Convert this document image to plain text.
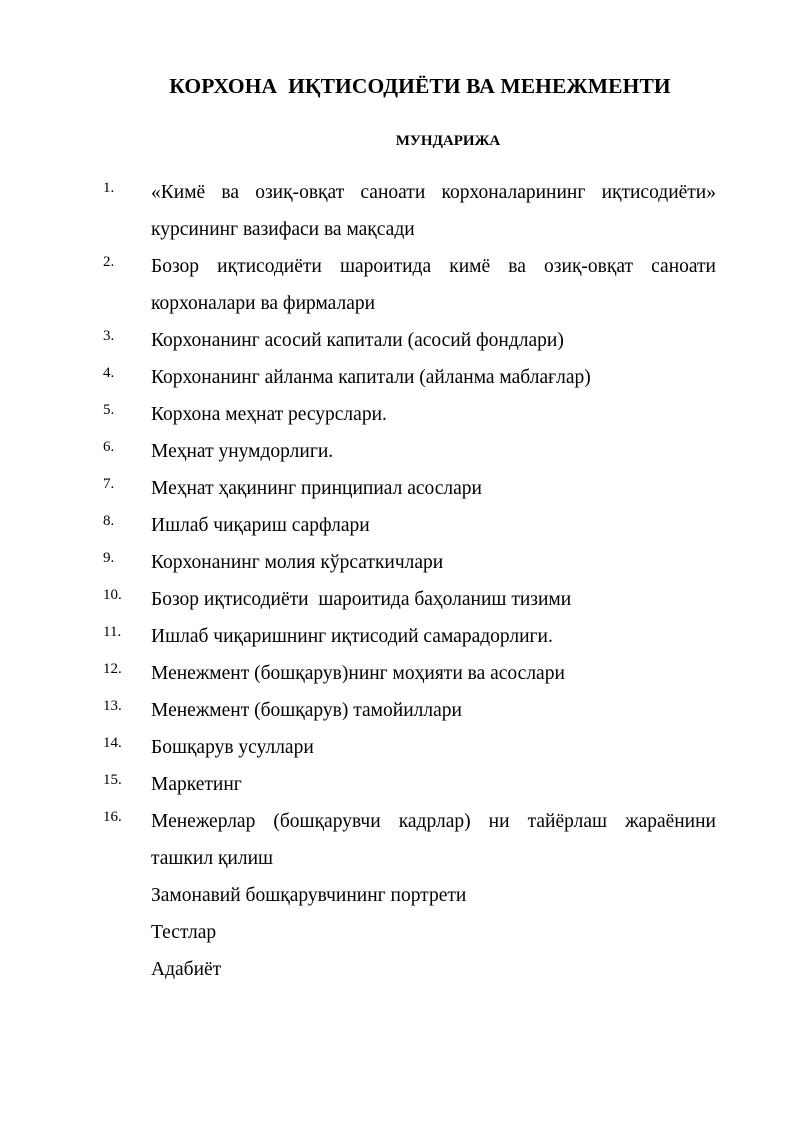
КОРХОНА  ИҚТИСОДИЁТИ ВА МЕНЕЖМЕНТИ
МУНДАРИЖА
1. «Кимё ва озиқ-овқат саноати корхоналарининг иқтисодиёти» курсининг вазифаси ва мақсади
2. Бозор иқтисодиёти шароитида кимё ва озиқ-овқат саноати корхоналари ва фирмалари
3. Корхонанинг асосий капитали (асосий фондлари)
4. Корхонанинг айланма капитали (айланма маблағлар)
5. Корхона меҳнат ресурслари.
6. Меҳнат унумдорлиги.
7. Меҳнат ҳақининг принципиал асослари
8. Ишлаб чиқариш сарфлари
9. Корхонанинг молия кўрсаткичлари
10. Бозор иқтисодиёти  шароитида баҳоланиш тизими
11. Ишлаб чиқаришнинг иқтисодий самарадорлиги.
12. Менежмент (бошқарув)нинг моҳияти ва асослари
13. Менежмент (бошқарув) тамойиллари
14. Бошқарув усуллари
15. Маркетинг
16. Менежерлар (бошқарувчи кадрлар) ни тайёрлаш жараёнини ташкил қилиш
Замонавий бошқарувчининг портрети
Тестлар
Адабиёт
